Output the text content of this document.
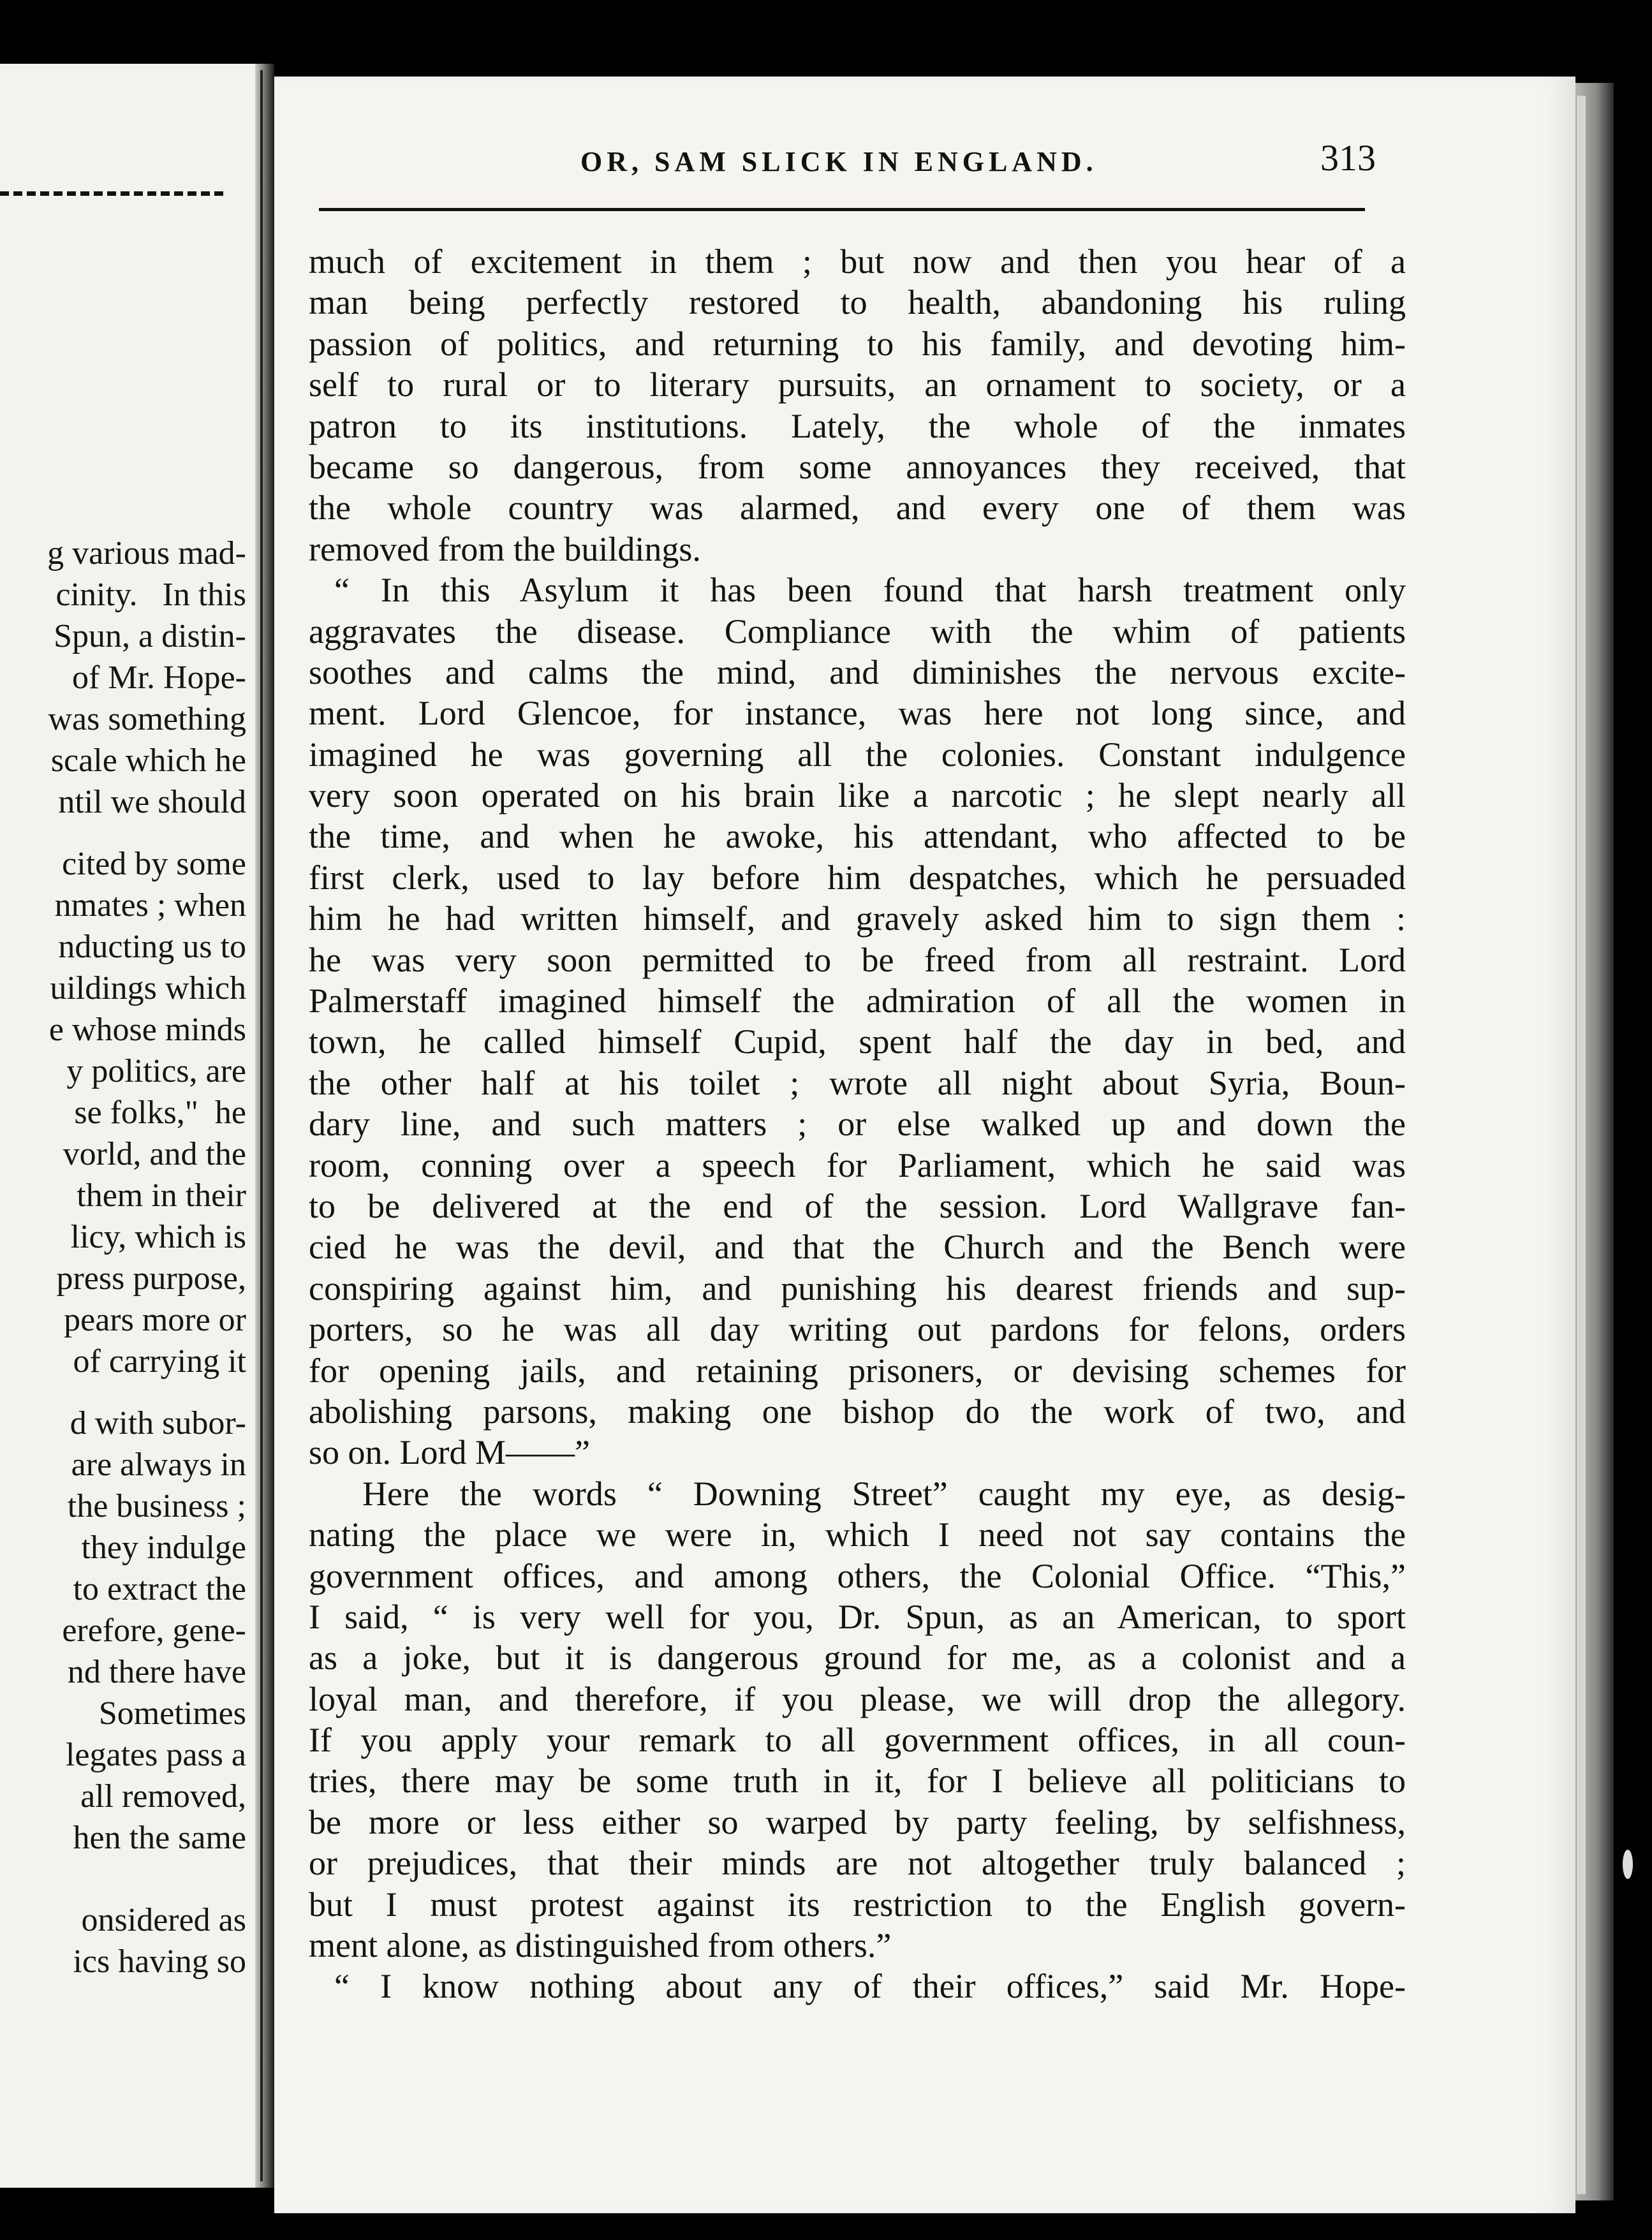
g various mad-
cinity.   In this
Spun, a distin-
of Mr. Hope-
was something
scale which he
ntil we should
cited by some
nmates ; when
nducting us to
uildings which
e whose minds
y politics, are
se folks,"  he
vorld, and the
them in their
licy, which is
press purpose,
pears more or
of carrying it
d with subor-
are always in
the business ;
they indulge
to extract the
erefore, gene-
nd there have
Sometimes
legates pass a
all removed,
hen the same
onsidered as
ics having so
OR, SAM SLICK IN ENGLAND.	313
much of excitement in them ; but now and then you hear of a
man being perfectly restored to health, abandoning his ruling
passion of politics, and returning to his family, and devoting him-
self to rural or to literary pursuits, an ornament to society, or a
patron to its institutions. Lately, the whole of the inmates
became so dangerous, from some annoyances they received, that
the whole country was alarmed, and every one of them was
removed from the buildings.
“ In this Asylum it has been found that harsh treatment only
aggravates the disease. Compliance with the whim of patients
soothes and calms the mind, and diminishes the nervous excite-
ment. Lord Glencoe, for instance, was here not long since, and
imagined he was governing all the colonies. Constant indulgence
very soon operated on his brain like a narcotic ; he slept nearly all
the time, and when he awoke, his attendant, who affected to be
first clerk, used to lay before him despatches, which he persuaded
him he had written himself, and gravely asked him to sign them :
he was very soon permitted to be freed from all restraint. Lord
Palmerstaff imagined himself the admiration of all the women in
town, he called himself Cupid, spent half the day in bed, and
the other half at his toilet ; wrote all night about Syria, Boun-
dary line, and such matters ; or else walked up and down the
room, conning over a speech for Parliament, which he said was
to be delivered at the end of the session. Lord Wallgrave fan-
cied he was the devil, and that the Church and the Bench were
conspiring against him, and punishing his dearest friends and sup-
porters, so he was all day writing out pardons for felons, orders
for opening jails, and retaining prisoners, or devising schemes for
abolishing parsons, making one bishop do the work of two, and
so on. Lord M——”
Here the words “ Downing Street” caught my eye, as desig-
nating the place we were in, which I need not say contains the
government offices, and among others, the Colonial Office. “This,”
I said, “ is very well for you, Dr. Spun, as an American, to sport
as a joke, but it is dangerous ground for me, as a colonist and a
loyal man, and therefore, if you please, we will drop the allegory.
If you apply your remark to all government offices, in all coun-
tries, there may be some truth in it, for I believe all politicians to
be more or less either so warped by party feeling, by selfishness,
or prejudices, that their minds are not altogether truly balanced ;
but I must protest against its restriction to the English govern-
ment alone, as distinguished from others.”
“ I know nothing about any of their offices,” said Mr. Hope-
